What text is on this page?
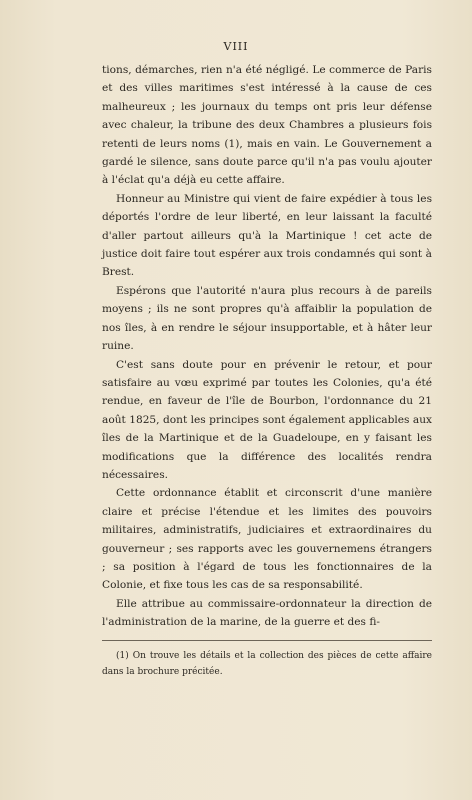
VIII

tions, démarches, rien n'a été négligé. Le commerce de Paris et des villes maritimes s'est intéressé à la cause de ces malheureux ; les journaux du temps ont pris leur défense avec chaleur, la tribune des deux Chambres a plusieurs fois retenti de leurs noms (1), mais en vain. Le Gouvernement a gardé le silence, sans doute parce qu'il n'a pas voulu ajouter à l'éclat qu'a déjà eu cette affaire.

Honneur au Ministre qui vient de faire expédier à tous les déportés l'ordre de leur liberté, en leur laissant la faculté d'aller partout ailleurs qu'à la Martinique ! cet acte de justice doit faire tout espérer aux trois condamnés qui sont à Brest.

Espérons que l'autorité n'aura plus recours à de pareils moyens ; ils ne sont propres qu'à affaiblir la population de nos îles, à en rendre le séjour insupportable, et à hâter leur ruine.

C'est sans doute pour en prévenir le retour, et pour satisfaire au vœu exprimé par toutes les Colonies, qu'a été rendue, en faveur de l'île de Bourbon, l'ordonnance du 21 août 1825, dont les principes sont également applicables aux îles de la Martinique et de la Guadeloupe, en y faisant les modifications que la différence des localités rendra nécessaires.

Cette ordonnance établit et circonscrit d'une manière claire et précise l'étendue et les limites des pouvoirs militaires, administratifs, judiciaires et extraordinaires du gouverneur ; ses rapports avec les gouvernemens étrangers ; sa position à l'égard de tous les fonctionnaires de la Colonie, et fixe tous les cas de sa responsabilité.

Elle attribue au commissaire-ordonnateur la direction de l'administration de la marine, de la guerre et des fi-

(1) On trouve les détails et la collection des pièces de cette affaire dans la brochure précitée.
